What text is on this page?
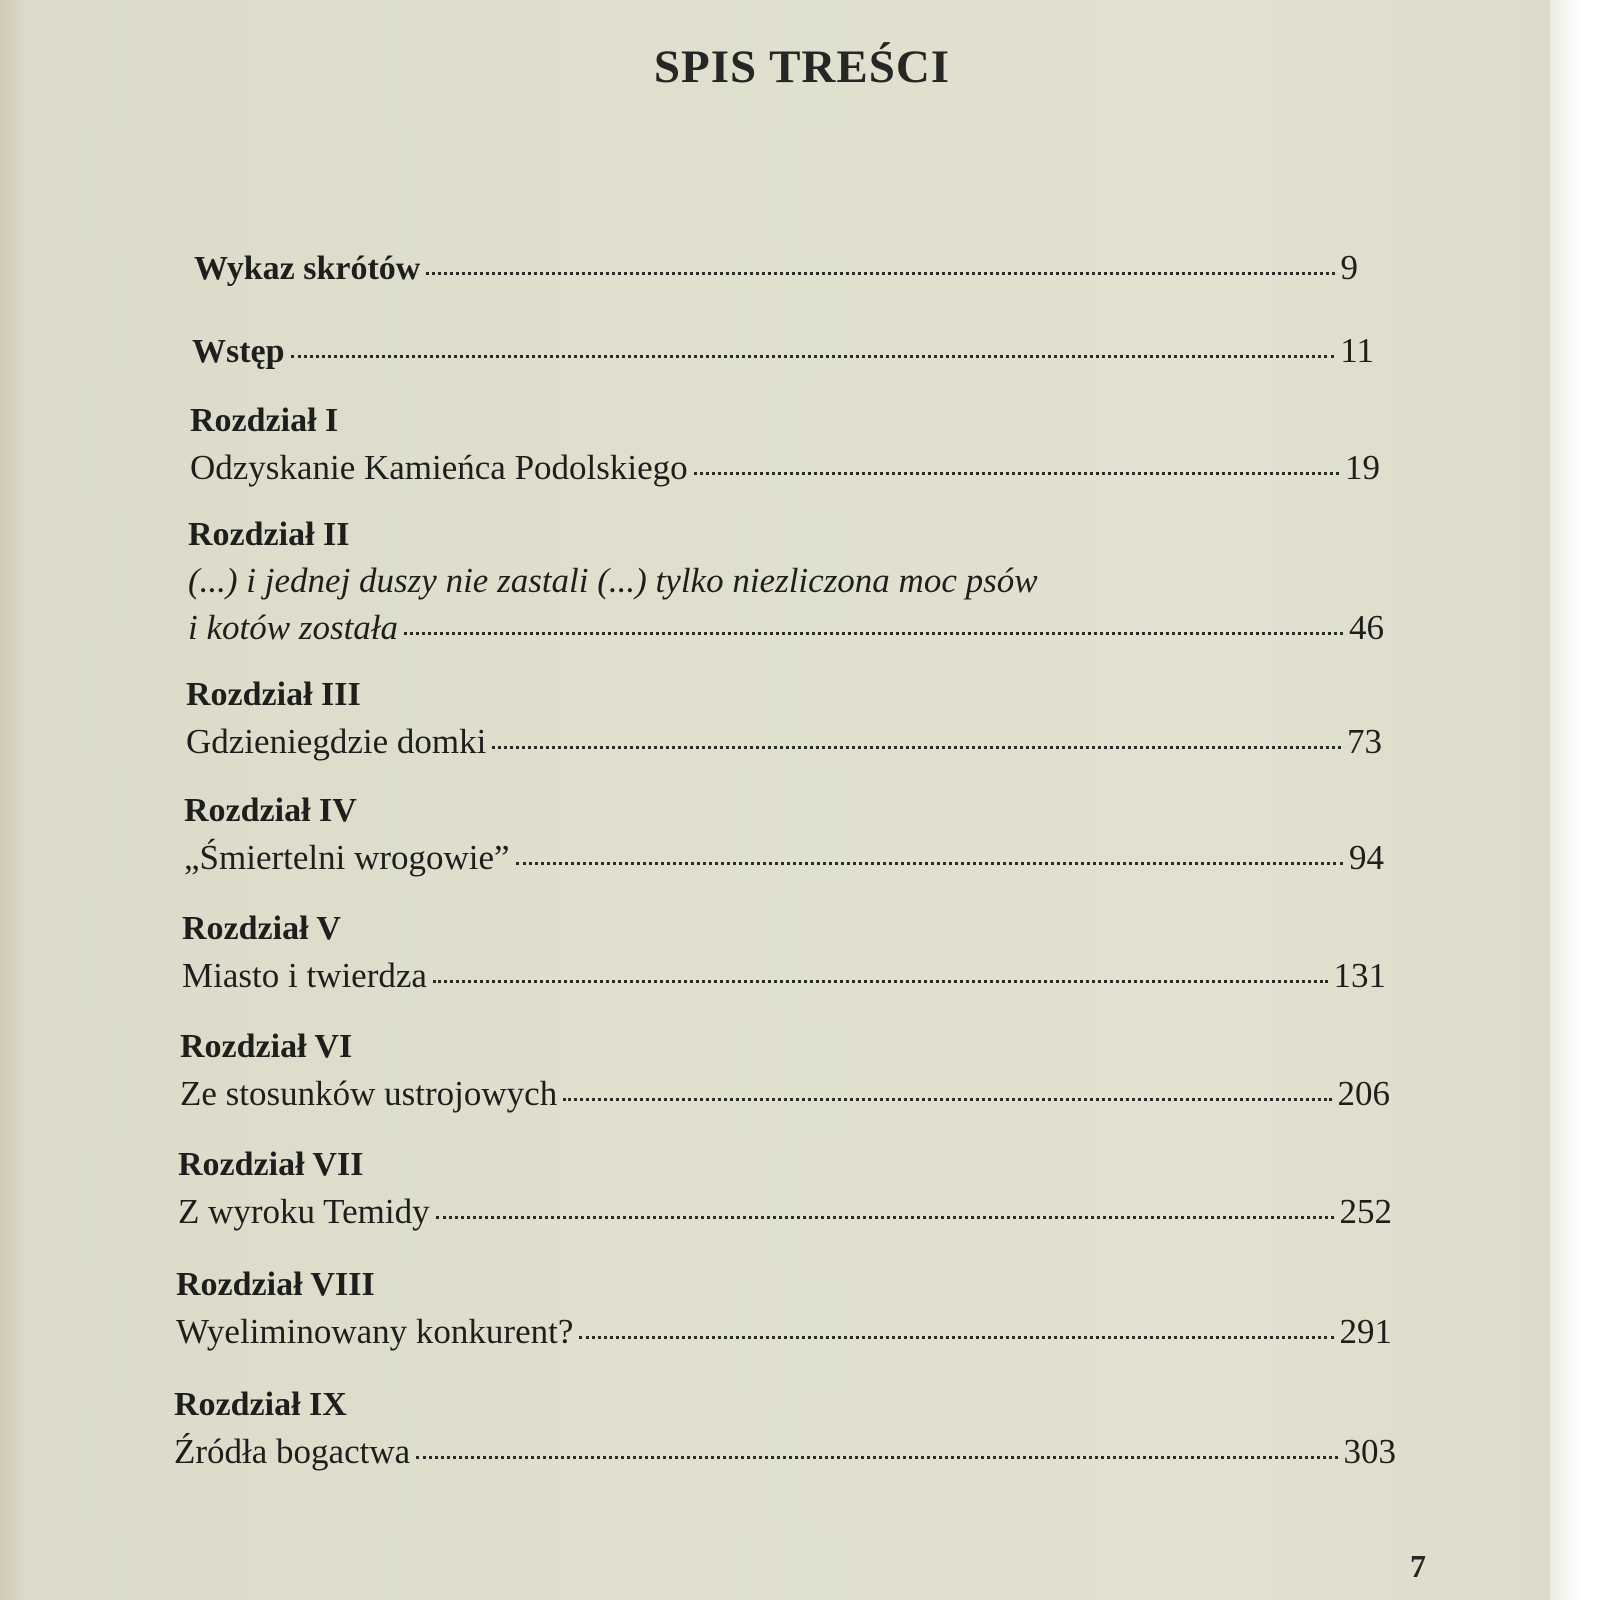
SPIS TREŚCI
Wykaz skrótów	9
Wstęp	11
Rozdział I
Odzyskanie Kamieńca Podolskiego	19
Rozdział II
(...) i jednej duszy nie zastali (...) tylko niezliczona moc psów
i kotów została	46
Rozdział III
Gdzieniegdzie domki	73
Rozdział IV
„Śmiertelni wrogowie”	94
Rozdział V
Miasto i twierdza	131
Rozdział VI
Ze stosunków ustrojowych	206
Rozdział VII
Z wyroku Temidy	252
Rozdział VIII
Wyeliminowany konkurent?	291
Rozdział IX
Źródła bogactwa	303
7
